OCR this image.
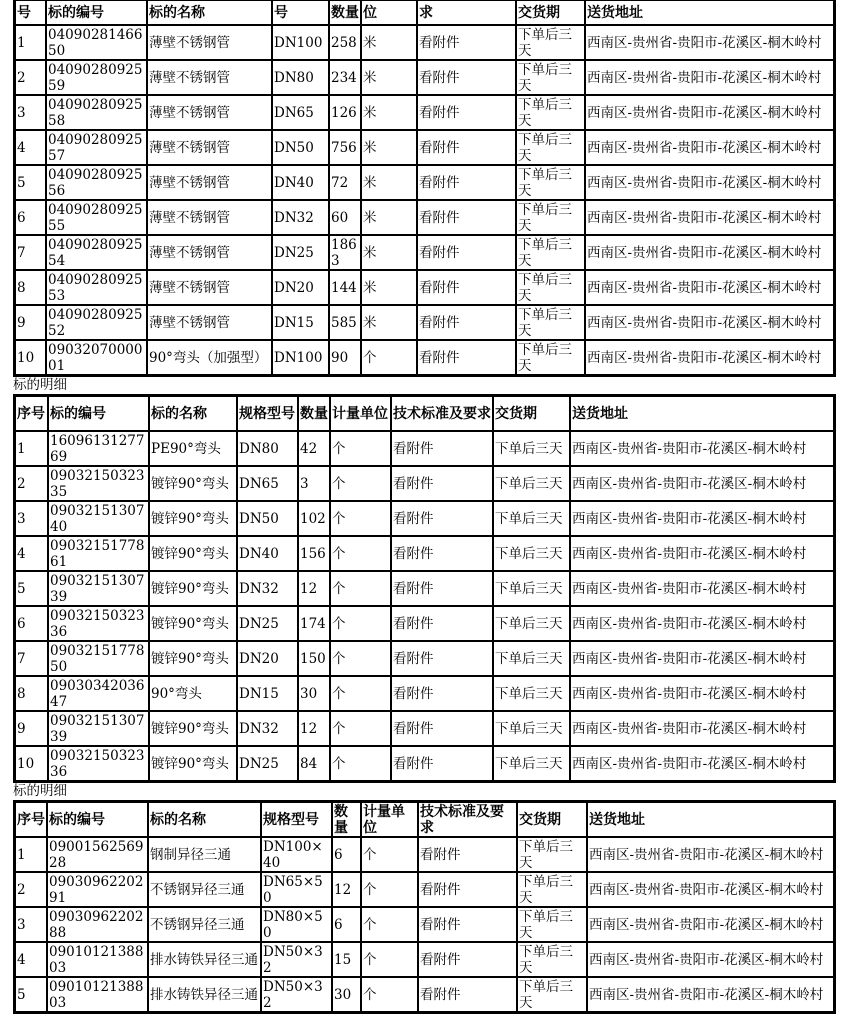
号	标的编号	标的名称	号	数量	位	求	交货期	送货地址
1	0409028146650	薄壁不锈钢管	DN100	258	米	看附件	下单后三天	西南区-贵州省-贵阳市-花溪区-桐木岭村
2	0409028092559	薄壁不锈钢管	DN80	234	米	看附件	下单后三天	西南区-贵州省-贵阳市-花溪区-桐木岭村
3	0409028092558	薄壁不锈钢管	DN65	126	米	看附件	下单后三天	西南区-贵州省-贵阳市-花溪区-桐木岭村
4	0409028092557	薄壁不锈钢管	DN50	756	米	看附件	下单后三天	西南区-贵州省-贵阳市-花溪区-桐木岭村
5	0409028092556	薄壁不锈钢管	DN40	72	米	看附件	下单后三天	西南区-贵州省-贵阳市-花溪区-桐木岭村
6	0409028092555	薄壁不锈钢管	DN32	60	米	看附件	下单后三天	西南区-贵州省-贵阳市-花溪区-桐木岭村
7	0409028092554	薄壁不锈钢管	DN25	1863	米	看附件	下单后三天	西南区-贵州省-贵阳市-花溪区-桐木岭村
8	0409028092553	薄壁不锈钢管	DN20	144	米	看附件	下单后三天	西南区-贵州省-贵阳市-花溪区-桐木岭村
9	0409028092552	薄壁不锈钢管	DN15	585	米	看附件	下单后三天	西南区-贵州省-贵阳市-花溪区-桐木岭村
10	0903207000001	90°弯头（加强型）	DN100	90	个	看附件	下单后三天	西南区-贵州省-贵阳市-花溪区-桐木岭村
标的明细
序号	标的编号	标的名称	规格型号	数量	计量单位	技术标准及要求	交货期	送货地址
1	1609613127769	PE90°弯头	DN80	42	个	看附件	下单后三天	西南区-贵州省-贵阳市-花溪区-桐木岭村
2	0903215032335	镀锌90°弯头	DN65	3	个	看附件	下单后三天	西南区-贵州省-贵阳市-花溪区-桐木岭村
3	0903215130740	镀锌90°弯头	DN50	102	个	看附件	下单后三天	西南区-贵州省-贵阳市-花溪区-桐木岭村
4	0903215177861	镀锌90°弯头	DN40	156	个	看附件	下单后三天	西南区-贵州省-贵阳市-花溪区-桐木岭村
5	0903215130739	镀锌90°弯头	DN32	12	个	看附件	下单后三天	西南区-贵州省-贵阳市-花溪区-桐木岭村
6	0903215032336	镀锌90°弯头	DN25	174	个	看附件	下单后三天	西南区-贵州省-贵阳市-花溪区-桐木岭村
7	0903215177850	镀锌90°弯头	DN20	150	个	看附件	下单后三天	西南区-贵州省-贵阳市-花溪区-桐木岭村
8	0903034203647	90°弯头	DN15	30	个	看附件	下单后三天	西南区-贵州省-贵阳市-花溪区-桐木岭村
9	0903215130739	镀锌90°弯头	DN32	12	个	看附件	下单后三天	西南区-贵州省-贵阳市-花溪区-桐木岭村
10	0903215032336	镀锌90°弯头	DN25	84	个	看附件	下单后三天	西南区-贵州省-贵阳市-花溪区-桐木岭村
标的明细
序号	标的编号	标的名称	规格型号	数量	计量单位	技术标准及要求	交货期	送货地址
1	0900156256928	钢制异径三通	DN100×40	6	个	看附件	下单后三天	西南区-贵州省-贵阳市-花溪区-桐木岭村
2	0903096220291	不锈钢异径三通	DN65×50	12	个	看附件	下单后三天	西南区-贵州省-贵阳市-花溪区-桐木岭村
3	0903096220288	不锈钢异径三通	DN80×50	6	个	看附件	下单后三天	西南区-贵州省-贵阳市-花溪区-桐木岭村
4	0901012138803	排水铸铁异径三通	DN50×32	15	个	看附件	下单后三天	西南区-贵州省-贵阳市-花溪区-桐木岭村
5	0901012138803	排水铸铁异径三通	DN50×32	30	个	看附件	下单后三天	西南区-贵州省-贵阳市-花溪区-桐木岭村
